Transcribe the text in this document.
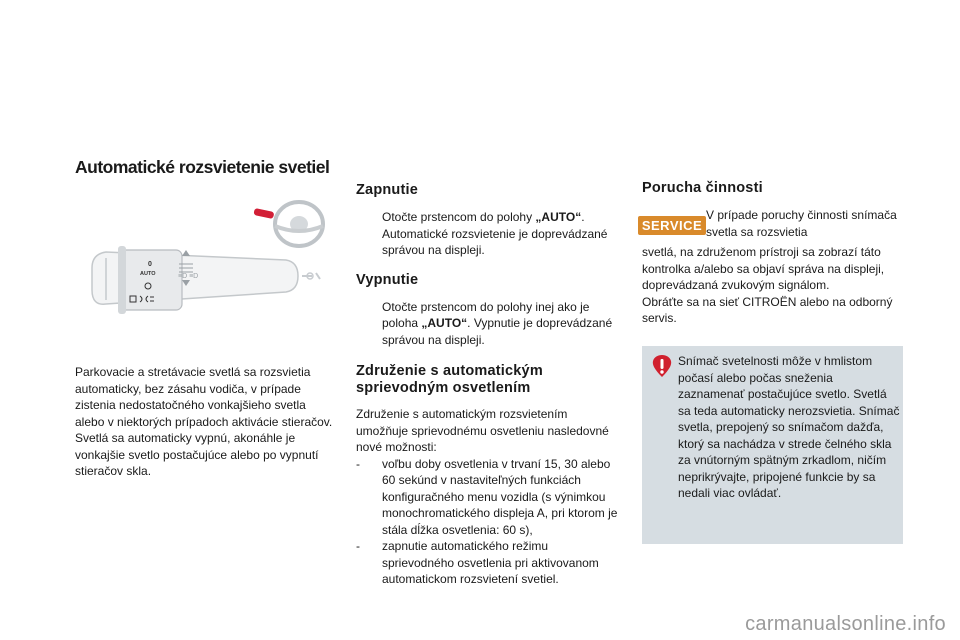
Automatické rozsvietenie svetiel
0
AUTO	≡D ≡D

Parkovacie a stretávacie svetlá sa rozsvietia automaticky, bez zásahu vodiča, v prípade zistenia nedostatočného vonkajšieho svetla alebo v niektorých prípadoch aktivácie stieračov.

Svetlá sa automaticky vypnú, akonáhle je vonkajšie svetlo postačujúce alebo po vypnutí stieračov skla.

Zapnutie
Otočte prstencom do polohy „AUTO“. Automatické rozsvietenie je doprevádzané správou na displeji.
Vypnutie
Otočte prstencom do polohy inej ako je poloha „AUTO“. Vypnutie je doprevádzané správou na displeji.
Združenie s automatickým
sprievodným osvetlením

Združenie s automatickým rozsvietením umožňuje sprievodnému osvetleniu nasledovné nové možnosti:

-	voľbu doby osvetlenia v trvaní 15, 30 alebo 60 sekúnd v nastaviteľných funkciách konfiguračného menu vozidla (s výnimkou monochromatického displeja A, pri ktorom je stála dĺžka osvetlenia: 60 s),
-	zapnutie automatického režimu sprievodného osvetlenia pri aktivovanom automatickom rozsvietení svetiel.
Porucha činnosti
SERVICE
V prípade poruchy činnosti snímača svetla sa rozsvietia

svetlá, na združenom prístroji sa zobrazí táto kontrolka a/alebo sa objaví správa na displeji, doprevádzaná zvukovým signálom.

Obráťte sa na sieť CITROËN alebo na odborný servis.

Snímač svetelnosti môže v hmlistom počasí alebo počas sneženia zaznamenať postačujúce svetlo. Svetlá sa teda automaticky nerozsvietia. Snímač svetla, prepojený so snímačom dažďa, ktorý sa nachádza v strede čelného skla za vnútorným spätným zrkadlom, ničím neprikrývajte, pripojené funkcie by sa nedali viac ovládať.

carmanualsonline.info
